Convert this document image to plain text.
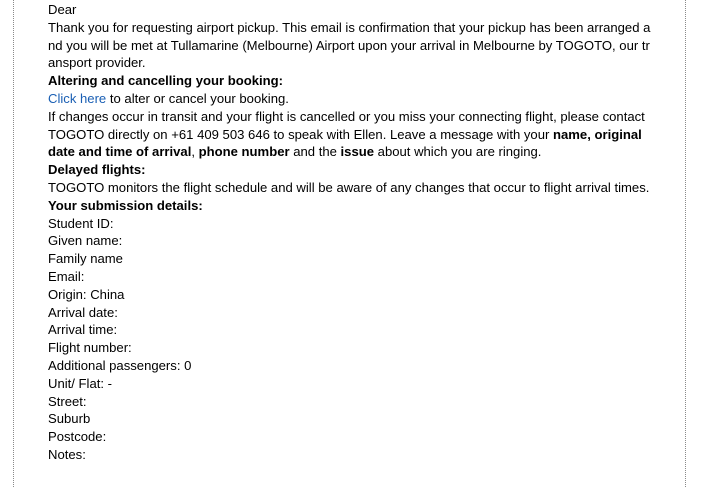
Dear

Thank you for requesting airport pickup. This email is confirmation that your pickup has been arranged and you will be met at Tullamarine (Melbourne) Airport upon your arrival in Melbourne by TOGOTO, our transport provider.

Altering and cancelling your booking:

Click here to alter or cancel your booking.

If changes occur in transit and your flight is cancelled or you miss your connecting flight, please contact TOGOTO directly on +61 409 503 646 to speak with Ellen. Leave a message with your name, original date and time of arrival, phone number and the issue about which you are ringing.

Delayed flights:

TOGOTO monitors the flight schedule and will be aware of any changes that occur to flight arrival times.

Your submission details:

Student ID:

Given name:

Family name

Email:

Origin: China

Arrival date:

Arrival time:

Flight number:

Additional passengers: 0

Unit/ Flat: -

Street:

Suburb

Postcode:

Notes:
